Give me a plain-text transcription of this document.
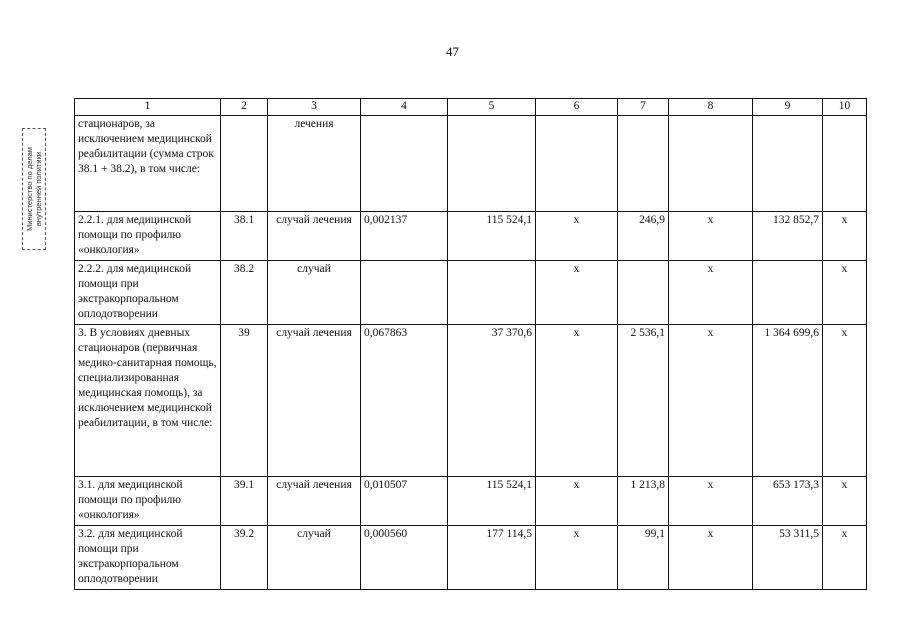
47
Министерство по делам внутренней политики
1	2	3	4	5	6	7	8	9	10
стационаров, за исключением медицинской реабилитации (сумма строк 38.1 + 38.2), в том числе:		лечения							
2.2.1. для медицинской помощи по профилю «онкология»	38.1	случай лечения	0,002137	115 524,1	х	246,9	х	132 852,7	х
2.2.2. для медицинской помощи при экстракорпоральном оплодотворении	38.2	случай			х		х		х
3. В условиях дневных стационаров (первичная медико-санитарная помощь, специализированная медицинская помощь), за исключением медицинской реабилитации, в том числе:	39	случай лечения	0,067863	37 370,6	х	2 536,1	х	1 364 699,6	х
3.1. для медицинской помощи по профилю «онкология»	39.1	случай лечения	0,010507	115 524,1	х	1 213,8	х	653 173,3	х
3.2. для медицинской помощи при экстракорпоральном оплодотворении	39.2	случай	0,000560	177 114,5	х	99,1	х	53 311,5	х
